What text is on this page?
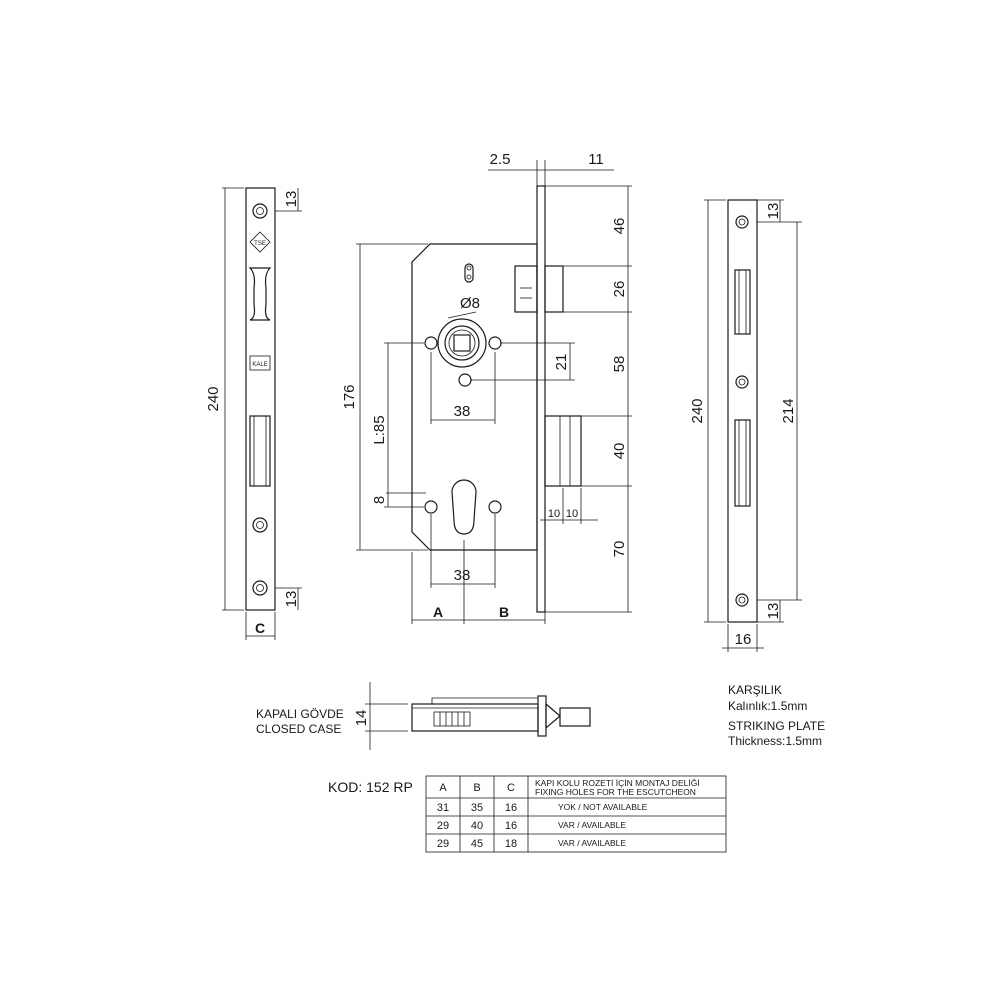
TSE
KALE
240
13
13
C
2.5	11
176
L:85
Ø8
38
21
8
38
A	B
46
26
58
40
70
10 10
240	214
13
13
16
KAPALI GÖVDE
CLOSED CASE
14
KARŞILIK
Kalınlık:1.5mm
STRIKING PLATE
Thickness:1.5mm
KOD: 152 RP A B C KAPI KOLU ROZETİ İÇİN MONTAJ DELİĞİ
FIXING HOLES FOR THE ESCUTCHEON
31 35 16	YOK / NOT AVAILABLE
29 40 16	VAR / AVAILABLE
29 45 18	VAR / AVAILABLE
